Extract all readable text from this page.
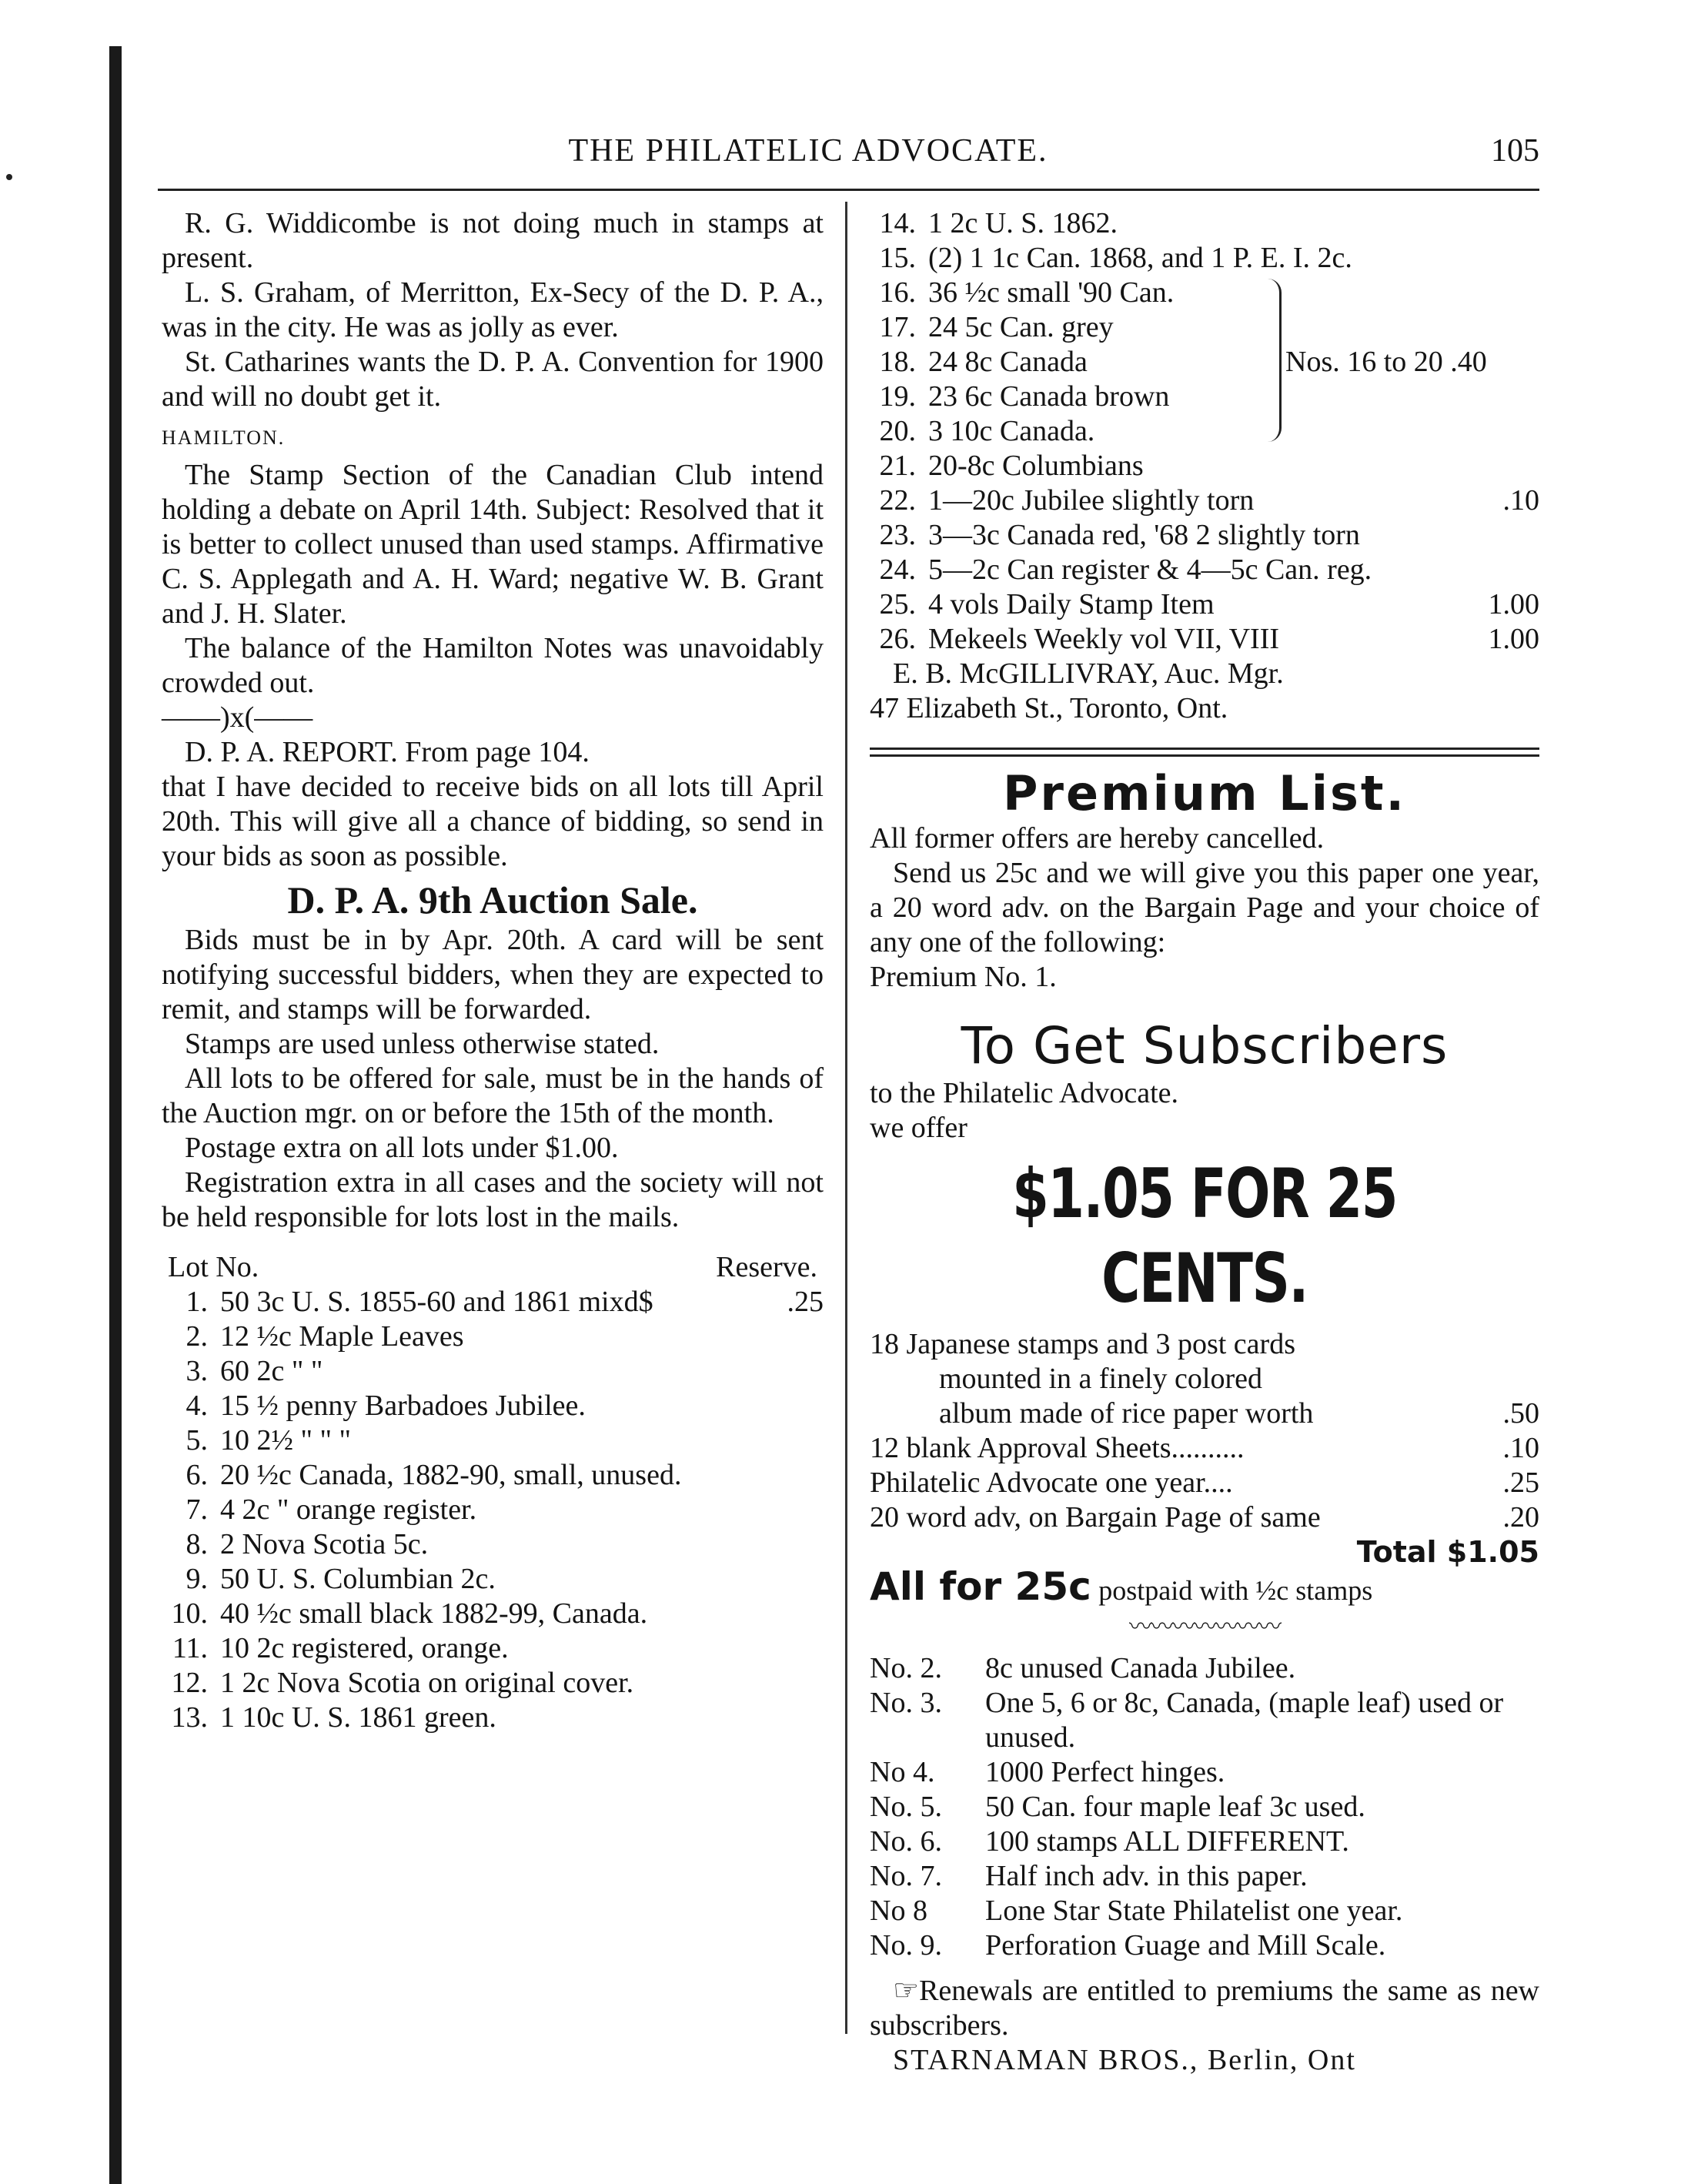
THE PHILATELIC ADVOCATE.	105

R. G. Widdicombe is not doing much in stamps at present.

L. S. Graham, of Merritton, Ex-Secy of the D. P. A., was in the city. He was as jolly as ever.

St. Catharines wants the D. P. A. Convention for 1900 and will no doubt get it.

HAMILTON.

The Stamp Section of the Canadian Club intend holding a debate on April 14th. Subject: Resolved that it is better to collect unused than used stamps. Affirmative C. S. Applegath and A. H. Ward; negative W. B. Grant and J. H. Slater.

The balance of the Hamilton Notes was unavoidably crowded out.

——)x(——

D. P. A. REPORT. From page 104.

that I have decided to receive bids on all lots till April 20th. This will give all a chance of bidding, so send in your bids as soon as possible.

D. P. A. 9th Auction Sale.

Bids must be in by Apr. 20th. A card will be sent notifying successful bidders, when they are expected to remit, and stamps will be forwarded.

Stamps are used unless otherwise stated.

All lots to be offered for sale, must be in the hands of the Auction mgr. on or before the 15th of the month.

Postage extra on all lots under $1.00.

Registration extra in all cases and the society will not be held responsible for lots lost in the mails.

Lot No.	Reserve.
1. 50 3c U. S. 1855-60 and 1861 mixd$	.25
2. 12 ½c Maple Leaves
3. 60 2c " "
4. 15 ½ penny Barbadoes Jubilee.
5. 10 2½ " " "
6. 20 ½c Canada, 1882-90, small, unused.
7. 4 2c " orange register.
8. 2 Nova Scotia 5c.
9. 50 U. S. Columbian 2c.
10. 40 ½c small black 1882-99, Canada.
11. 10 2c registered, orange.
12. 1 2c Nova Scotia on original cover.
13. 1 10c U. S. 1861 green.
14. 1 2c U. S. 1862.
15. (2) 1 1c Can. 1868, and 1 P. E. I. 2c.
16. 36 ½c small '90 Can.
17. 24 5c Can. grey
18. 24 8c Canada
19. 23 6c Canada brown
20. 3 10c Canada.
Nos. 16 to 20 .40
21. 20-8c Columbians
22. 1—20c Jubilee slightly torn	.10
23. 3—3c Canada red, '68 2 slightly torn
24. 5—2c Can register & 4—5c Can. reg.
25. 4 vols Daily Stamp Item	1.00
26. Mekeels Weekly vol VII, VIII	1.00

E. B. McGILLIVRAY, Auc. Mgr.

47 Elizabeth St., Toronto, Ont.

Premium List.

All former offers are hereby cancelled.

Send us 25c and we will give you this paper one year, a 20 word adv. on the Bargain Page and your choice of any one of the following:

Premium No. 1.

To Get Subscribers

to the Philatelic Advocate.

we offer

$1.05 FOR 25 CENTS.
18 Japanese stamps and 3 post cards
mounted in a finely colored
album made of rice paper worth	.50
12 blank Approval Sheets..........	.10
Philatelic Advocate one year....	.25
20 word adv, on Bargain Page of same	.20
Total $1.05
All for 25c postpaid with ½c stamps
〰〰〰〰〰〰〰
No. 2.	8c unused Canada Jubilee.
No. 3.	One 5, 6 or 8c, Canada, (maple leaf) used or unused.
No 4.	1000 Perfect hinges.
No. 5.	50 Can. four maple leaf 3c used.
No. 6.	100 stamps ALL DIFFERENT.
No. 7.	Half inch adv. in this paper.
No 8	Lone Star State Philatelist one year.
No. 9.	Perforation Guage and Mill Scale.

☞Renewals are entitled to premiums the same as new subscribers.

STARNAMAN BROS., Berlin, Ont
